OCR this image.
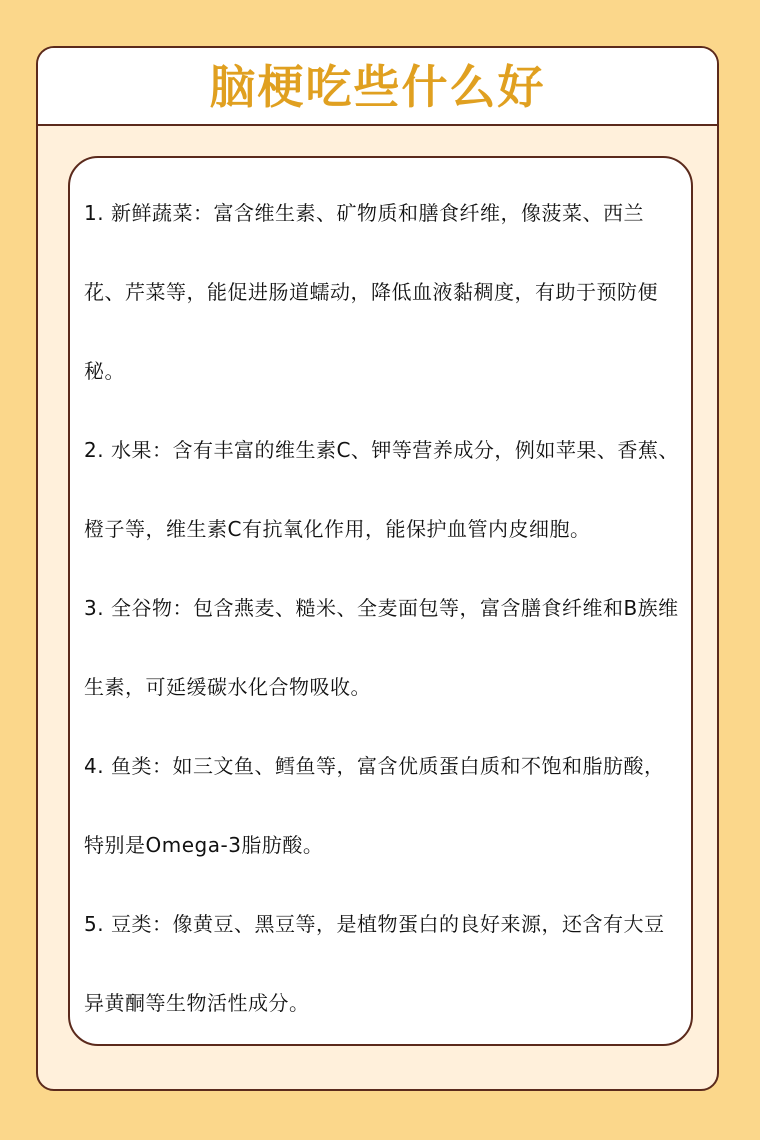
脑梗吃些什么好

1. 新鲜蔬菜：富含维生素、矿物质和膳食纤维，像菠菜、西兰花、芹菜等，能促进肠道蠕动，降低血液黏稠度，有助于预防便秘。

2. 水果：含有丰富的维生素C、钾等营养成分，例如苹果、香蕉、橙子等，维生素C有抗氧化作用，能保护血管内皮细胞。

3. 全谷物：包含燕麦、糙米、全麦面包等，富含膳食纤维和B族维生素，可延缓碳水化合物吸收。

4. 鱼类：如三文鱼、鳕鱼等，富含优质蛋白质和不饱和脂肪酸，特别是Omega-3脂肪酸。

5. 豆类：像黄豆、黑豆等，是植物蛋白的良好来源，还含有大豆异黄酮等生物活性成分。
